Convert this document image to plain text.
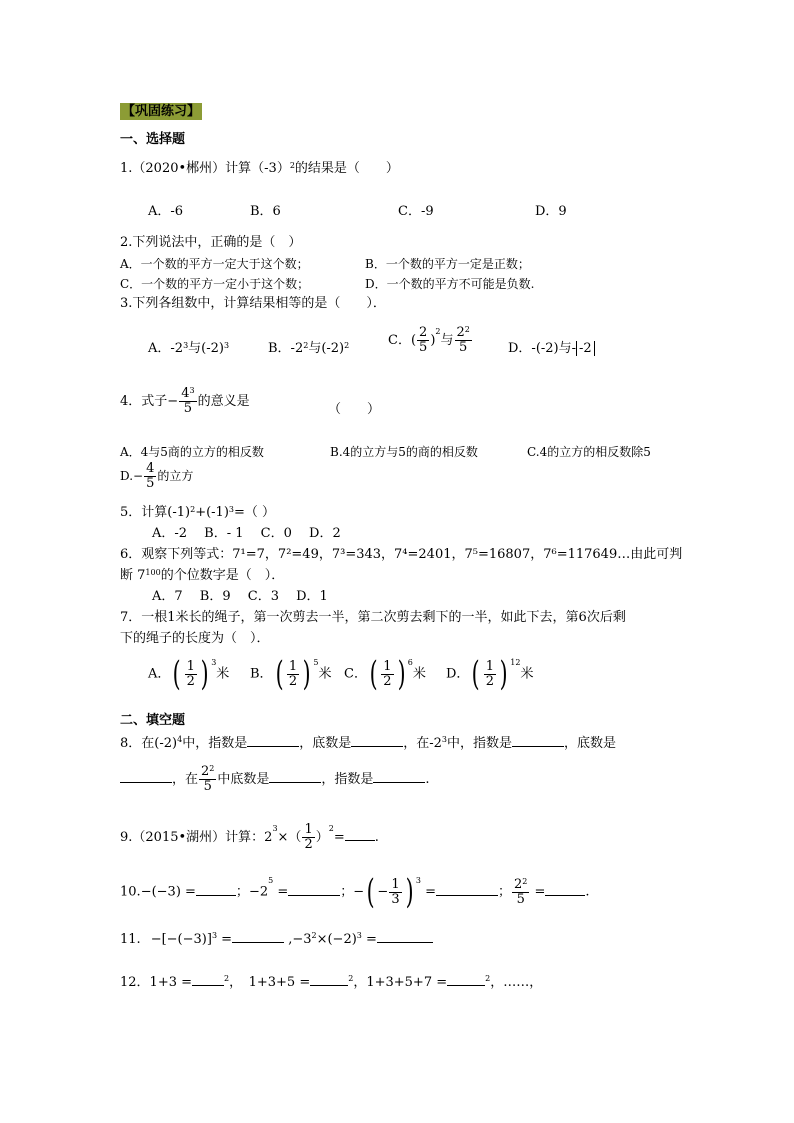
【巩固练习】
一、选择题
1.（2020•郴州）计算$(-3)^2$的结果是（　　）
A．-6	B．6	C．-9	D．9
2.下列说法中，正确的是（　）
A．一个数的平方一定大于这个数；	B．一个数的平方一定是正数；
C．一个数的平方一定小于这个数；	D．一个数的平方不可能是负数.
3.下列各组数中，计算结果相等的是（　　）．
A．$-2^3$与$(-2)^3$	B．$-2^2$与$(-2)^2$	C．( $\frac{2}{5} )^2$与 $\frac{2^2}{5}$	D．-(-2)与- -2
4．式子− $\frac{4^3}{5}$ 的意义是
（　　）
A．4与5商的立方的相反数	B.4的立方与5的商的相反数	C.4的立方的相反数除5
$D.- \frac{4}{5}$ 的立方
5．计算$(-1)^2+(-1)^3=$（ ）
A．-2　 B．- 1　 C．0　 D．2
6．观察下列等式：7¹=7，7²=49，7³=343，7⁴=2401，7⁵=16807，7⁶=117649…由此可判
断 $7^{100}$的个位数字是（　）．
A．7　 B．9　 C．3　 D．1
7．一根1米长的绳子，第一次剪去一半，第二次剪去剩下的一半，如此下去，第6次后剩
下的绳子的长度为（　）．
A．( $\frac{1}{2}$ ) $^3$米 B．( $\frac{1}{2}$ ) $^5$米 C．( $\frac{1}{2}$ ) $^6$米 D．( $\frac{1}{2}$ ) $^{12}$米
二、填空题
8．在$(-2)^4$中，指数是	，底数是	，在$-2^3$中，指数是	，底数是
，在 $\frac{2^2}{5}$ 中底数是	，指数是	.
9.（2015•湖州）计算：$2^3\times( \frac{1}{2} )^2=$ .
10.−(−3) =	；$-2^5$ =	；−( − $\frac{1}{3}$ ) $^3$ =	； $\frac{2^2}{5}$ =	.
11. $-[-(-3)]^3$ =	$,-3^2\times(-2)^3$ =
12．1+3 =	$^2$，　1+3+5 =	$^2$，1+3+5+7 =	$^2$，……，
